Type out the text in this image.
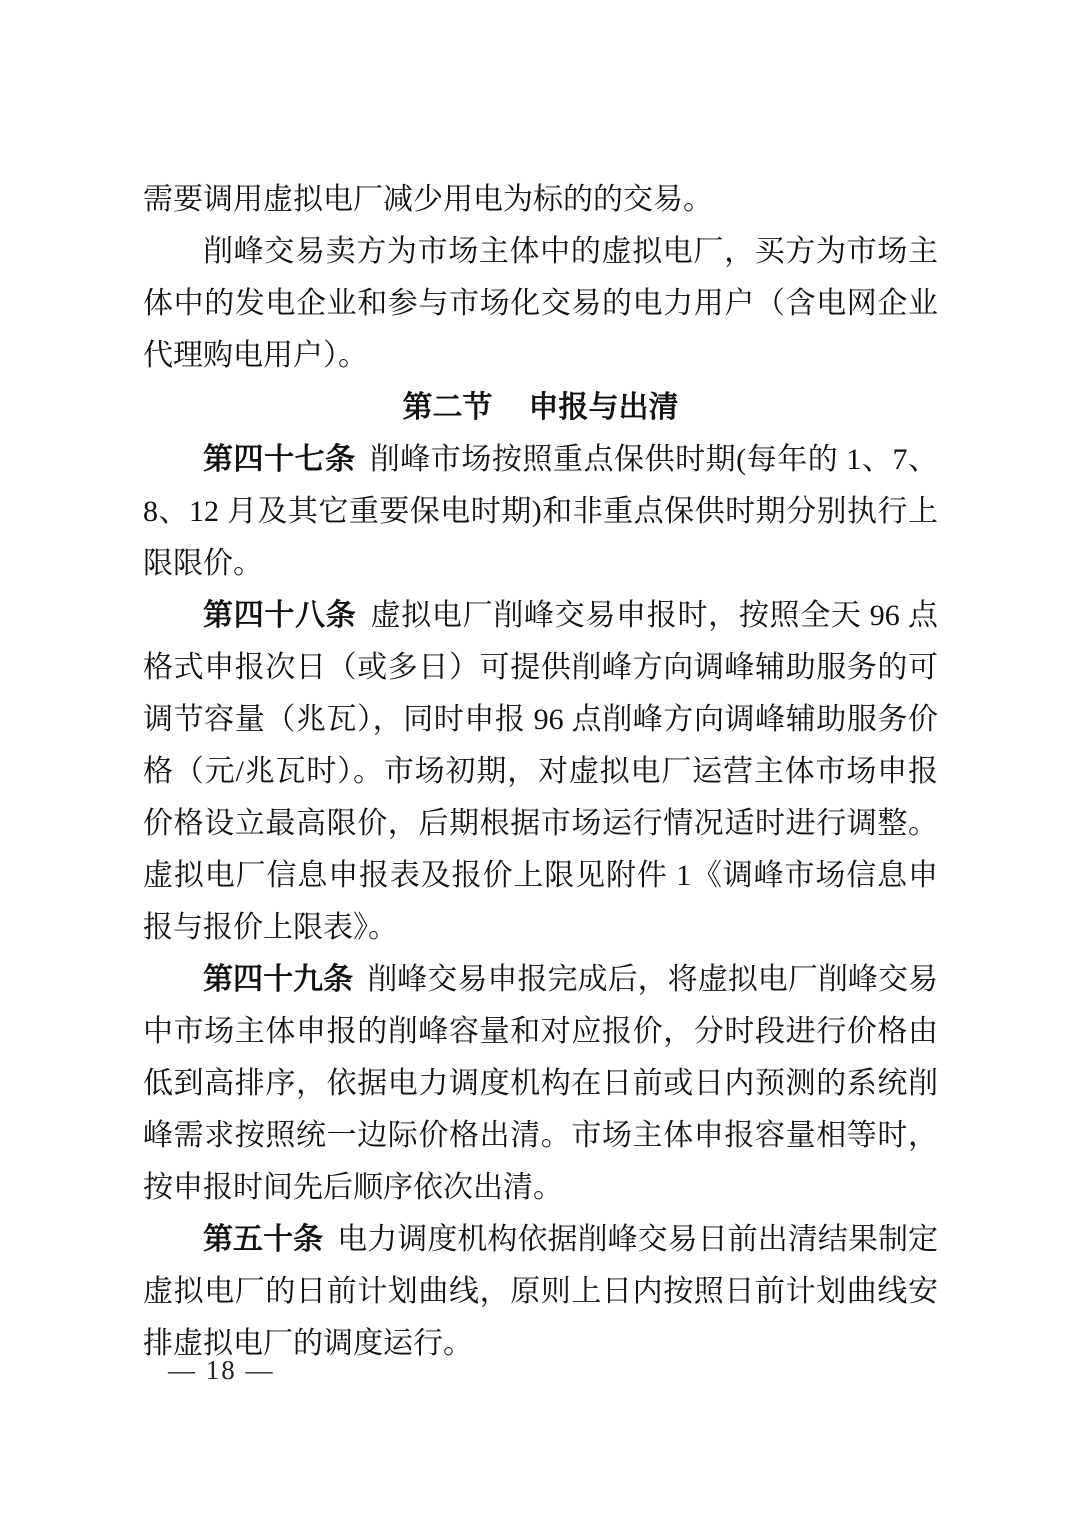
需要调用虚拟电厂减少用电为标的的交易。

削峰交易卖方为市场主体中的虚拟电厂，买方为市场主体中的发电企业和参与市场化交易的电力用户（含电网企业代理购电用户）。

第二节 申报与出清

第四十七条 削峰市场按照重点保供时期(每年的 1、7、8、12 月及其它重要保电时期)和非重点保供时期分别执行上限限价。

第四十八条 虚拟电厂削峰交易申报时，按照全天 96 点格式申报次日（或多日）可提供削峰方向调峰辅助服务的可调节容量（兆瓦），同时申报 96 点削峰方向调峰辅助服务价格（元/兆瓦时）。市场初期，对虚拟电厂运营主体市场申报价格设立最高限价，后期根据市场运行情况适时进行调整。虚拟电厂信息申报表及报价上限见附件 1《调峰市场信息申报与报价上限表》。

第四十九条 削峰交易申报完成后，将虚拟电厂削峰交易中市场主体申报的削峰容量和对应报价，分时段进行价格由低到高排序，依据电力调度机构在日前或日内预测的系统削峰需求按照统一边际价格出清。市场主体申报容量相等时，按申报时间先后顺序依次出清。

第五十条 电力调度机构依据削峰交易日前出清结果制定虚拟电厂的日前计划曲线，原则上日内按照日前计划曲线安排虚拟电厂的调度运行。

— 18 —
